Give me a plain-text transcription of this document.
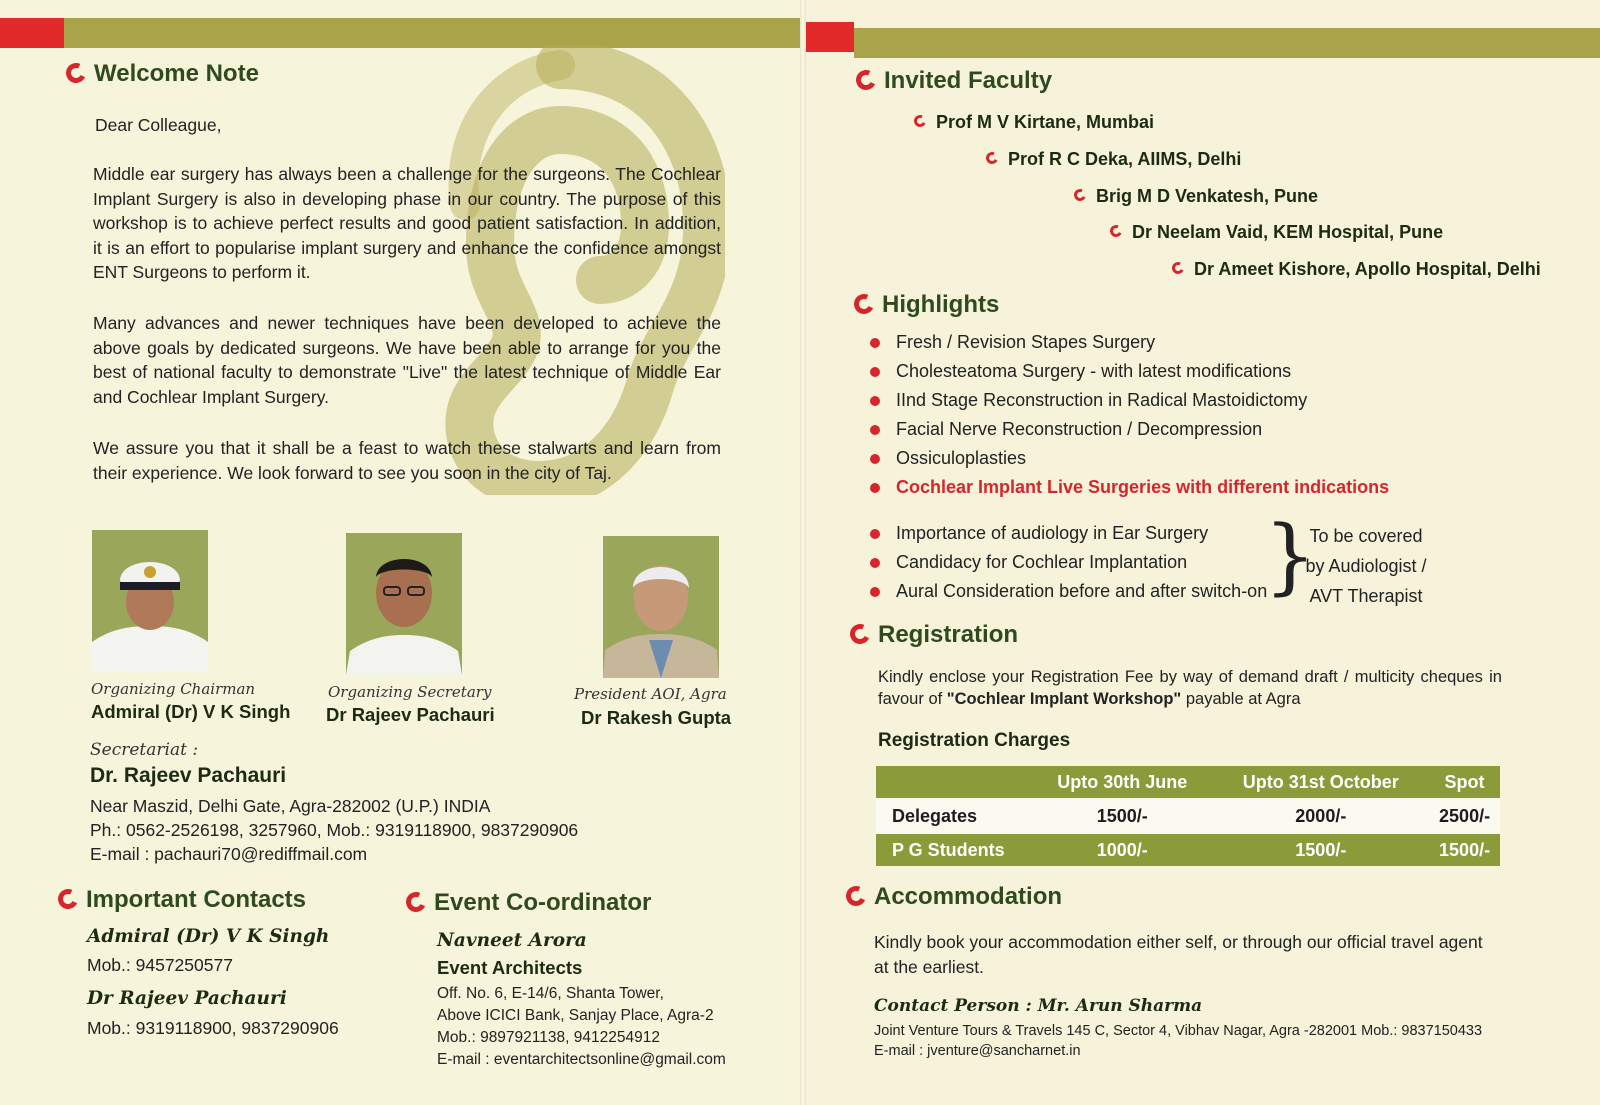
Welcome Note
Dear Colleague,
Middle ear surgery has always been a challenge for the surgeons. The Cochlear Implant Surgery is also in developing phase in our country. The purpose of this workshop is to achieve perfect results and good patient satisfaction. In addition, it is an effort to popularise implant surgery and enhance the confidence amongst ENT Surgeons to perform it.
Many advances and newer techniques have been developed to achieve the above goals by dedicated surgeons. We have been able to arrange for you the best of national faculty to demonstrate "Live" the latest technique of Middle Ear and Cochlear Implant Surgery.
We assure you that it shall be a feast to watch these stalwarts and learn from their experience. We look forward to see you soon in the city of Taj.
Organizing Chairman
Admiral (Dr) V K Singh
Organizing Secretary
Dr Rajeev Pachauri
President AOI, Agra
Dr Rakesh Gupta
Secretariat :
Dr. Rajeev Pachauri
Near Maszid, Delhi Gate, Agra-282002 (U.P.) INDIA
Ph.: 0562-2526198, 3257960, Mob.: 9319118900, 9837290906
E-mail : pachauri70@rediffmail.com
Important Contacts
Admiral (Dr) V K Singh
Mob.: 9457250577
Dr Rajeev Pachauri
Mob.: 9319118900, 9837290906
Event Co-ordinator
Navneet Arora
Event Architects
Off. No. 6, E-14/6, Shanta Tower,
Above ICICI Bank, Sanjay Place, Agra-2
Mob.: 9897921138, 9412254912
E-mail : eventarchitectsonline@gmail.com
Invited Faculty
Prof M V Kirtane, Mumbai
Prof R C Deka, AIIMS, Delhi
Brig M D Venkatesh, Pune
Dr Neelam Vaid, KEM Hospital, Pune
Dr Ameet Kishore, Apollo Hospital, Delhi
Highlights
Fresh / Revision Stapes Surgery
Cholesteatoma Surgery - with latest modifications
IInd Stage Reconstruction in Radical Mastoidictomy
Facial Nerve Reconstruction / Decompression
Ossiculoplasties
Cochlear Implant Live Surgeries with different indications
Importance of audiology in Ear Surgery
Candidacy for Cochlear Implantation
Aural Consideration before and after switch-on
}
To be covered
by Audiologist /
AVT Therapist
Registration
Kindly enclose your Registration Fee by way of demand draft / multicity cheques in favour of "Cochlear Implant Workshop" payable at Agra
Registration Charges
	Upto 30th June	Upto 31st October	Spot
Delegates	1500/-	2000/-	2500/-
P G Students	1000/-	1500/-	1500/-
Accommodation
Kindly book your accommodation either self, or through our official travel agent at the earliest.
Contact Person : Mr. Arun Sharma
Joint Venture Tours & Travels 145 C, Sector 4, Vibhav Nagar, Agra -282001 Mob.: 9837150433
E-mail : jventure@sancharnet.in
